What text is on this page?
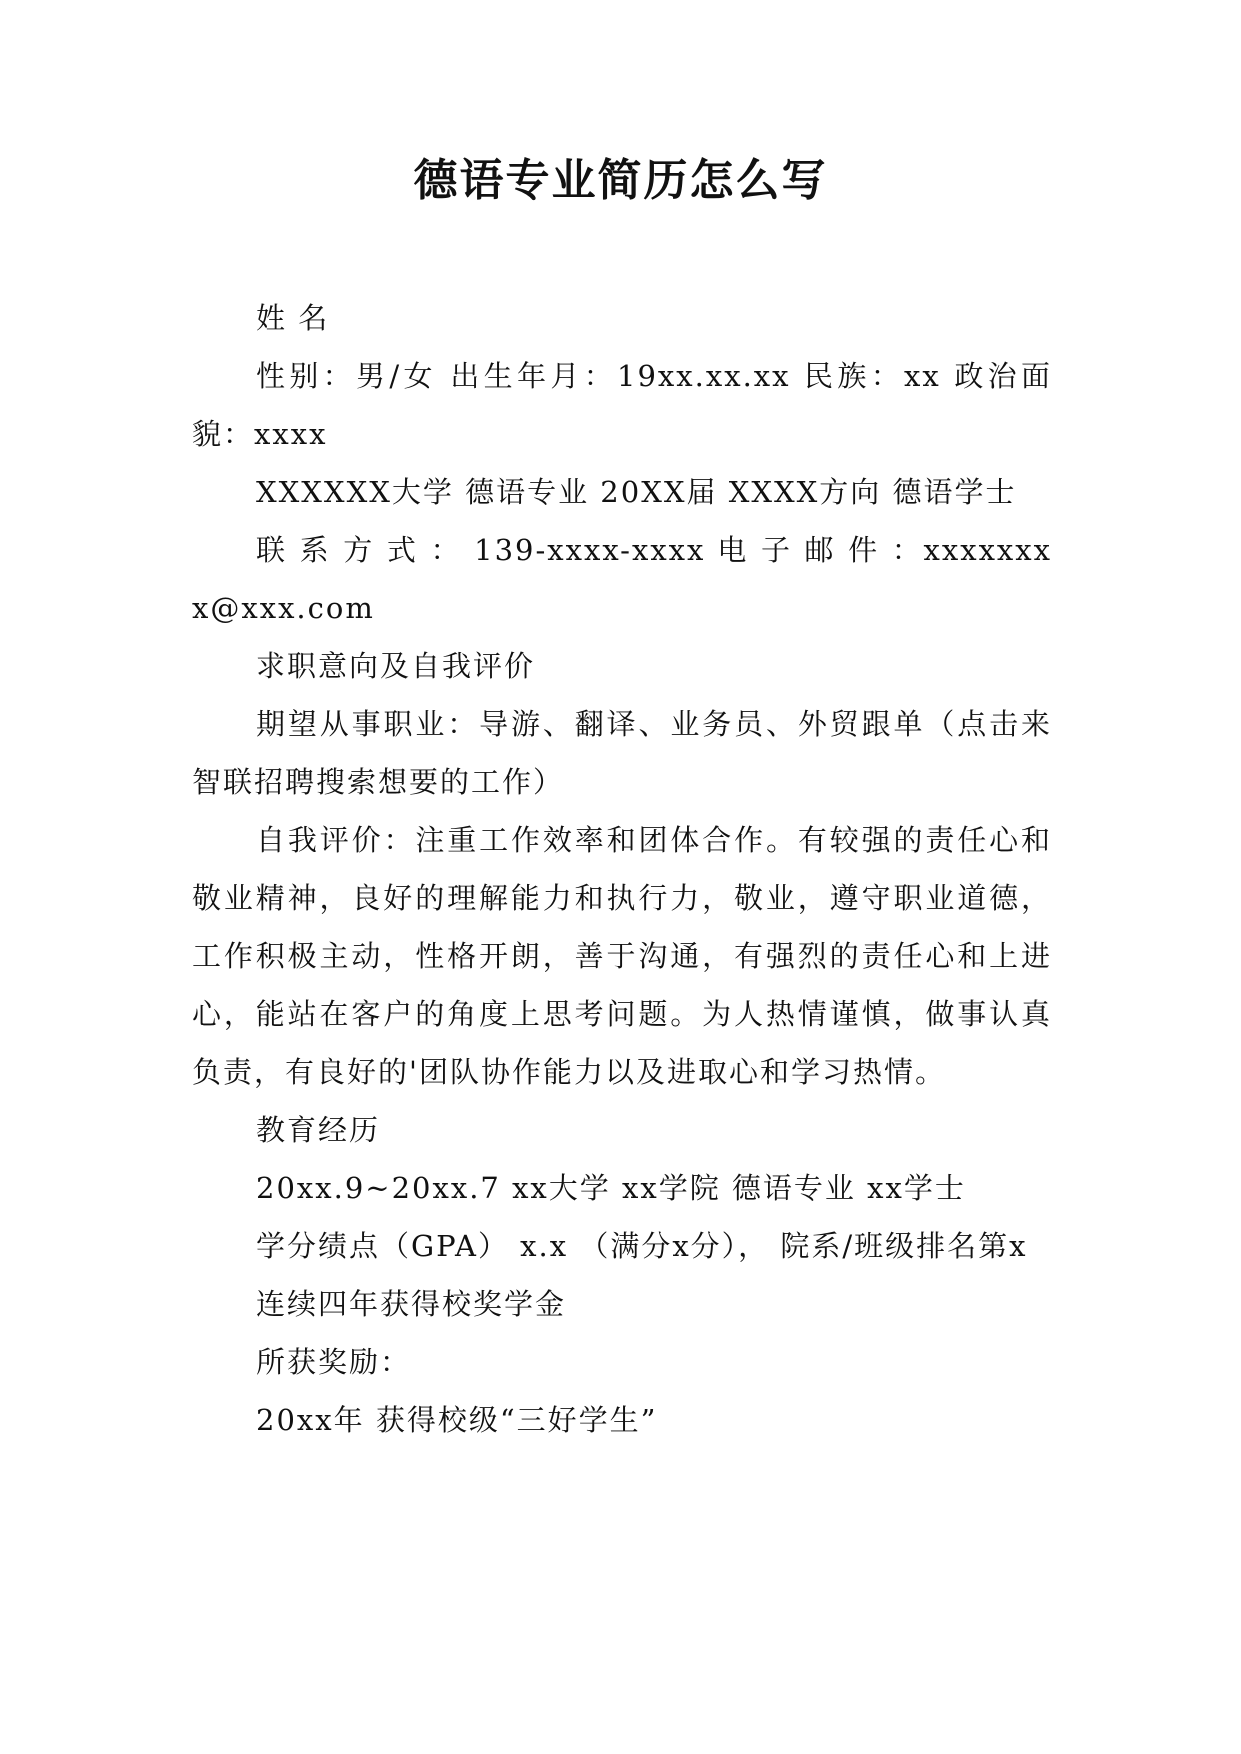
德语专业简历怎么写

姓 名

性别：男/女 出生年月：19xx.xx.xx 民族：xx 政治面貌：xxxx

XXXXXX大学 德语专业 20XX届 XXXX方向 德语学士

联 系 方 式 ： 139-xxxx-xxxx 电 子 邮 件 ：xxxxxxxx@xxx.com

求职意向及自我评价

期望从事职业：导游、翻译、业务员、外贸跟单（点击来智联招聘搜索想要的工作）

自我评价：注重工作效率和团体合作。有较强的责任心和敬业精神，良好的理解能力和执行力，敬业，遵守职业道德，工作积极主动，性格开朗，善于沟通，有强烈的责任心和上进心，能站在客户的角度上思考问题。为人热情谨慎，做事认真负责，有良好的'团队协作能力以及进取心和学习热情。

教育经历

20xx.9~20xx.7 xx大学 xx学院 德语专业 xx学士

学分绩点（GPA） x.x （满分x分）， 院系/班级排名第x

连续四年获得校奖学金

所获奖励：

20xx年 获得校级“三好学生”
